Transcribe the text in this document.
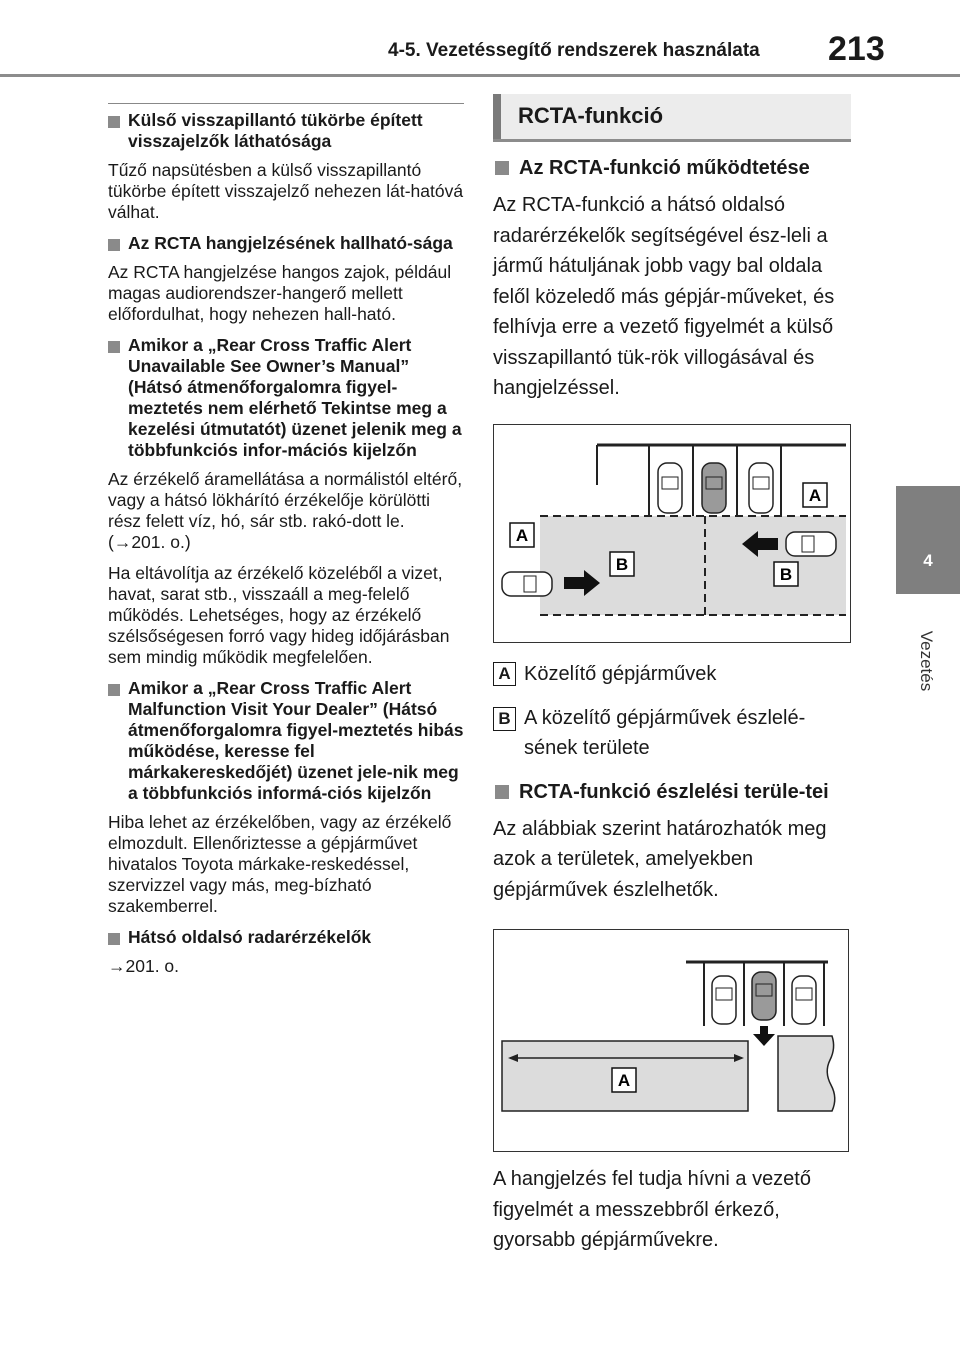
4-5. Vezetéssegítő rendszerek használata 213
4
Vezetés
Külső visszapillantó tükörbe épített visszajelzők láthatósága

Tűző napsütésben a külső visszapillantó tükörbe épített visszajelző nehezen lát-hatóvá válhat.

Az RCTA hangjelzésének hallható-sága

Az RCTA hangjelzése hangos zajok, például magas audiorendszer-hangerő mellett előfordulhat, hogy nehezen hall-ható.

Amikor a „Rear Cross Traffic Alert Unavailable See Owner’s Manual” (Hátsó átmenőforgalomra figyel-meztetés nem elérhető Tekintse meg a kezelési útmutatót) üzenet jelenik meg a többfunkciós infor-mációs kijelzőn

Az érzékelő áramellátása a normálistól eltérő, vagy a hátsó lökhárító érzékelője körülötti rész felett víz, hó, sár stb. rakó-dott le. (→201. o.)

Ha eltávolítja az érzékelő közeléből a vizet, havat, sarat stb., visszaáll a meg-felelő működés. Lehetséges, hogy az érzékelő szélsőségesen forró vagy hideg időjárásban sem mindig működik megfelelően.

Amikor a „Rear Cross Traffic Alert Malfunction Visit Your Dealer” (Hátsó átmenőforgalomra figyel-meztetés hibás működése, keresse fel márkakereskedőjét) üzenet jele-nik meg a többfunkciós informá-ciós kijelzőn

Hiba lehet az érzékelőben, vagy az érzékelő elmozdult. Ellenőriztesse a gépjárművet hivatalos Toyota márkake-reskedéssel, szervizzel vagy más, meg-bízható szakemberrel.

Hátsó oldalsó radarérzékelők

→201. o.

RCTA-funkció
Az RCTA-funkció működtetése

Az RCTA-funkció a hátsó oldalsó radarérzékelők segítségével ész-leli a jármű hátuljának jobb vagy bal oldala felől közeledő más gépjár-műveket, és felhívja erre a vezető figyelmét a külső visszapillantó tük-rök villogásával és hangjelzéssel.

A
B
A
B
A Közelítő gépjárművek
B A közelítő gépjárművek észlelé-sének területe
RCTA-funkció észlelési terüle-tei

Az alábbiak szerint határozhatók meg azok a területek, amelyekben gépjárművek észlelhetők.

A

A hangjelzés fel tudja hívni a vezető figyelmét a messzebbről érkező, gyorsabb gépjárművekre.
